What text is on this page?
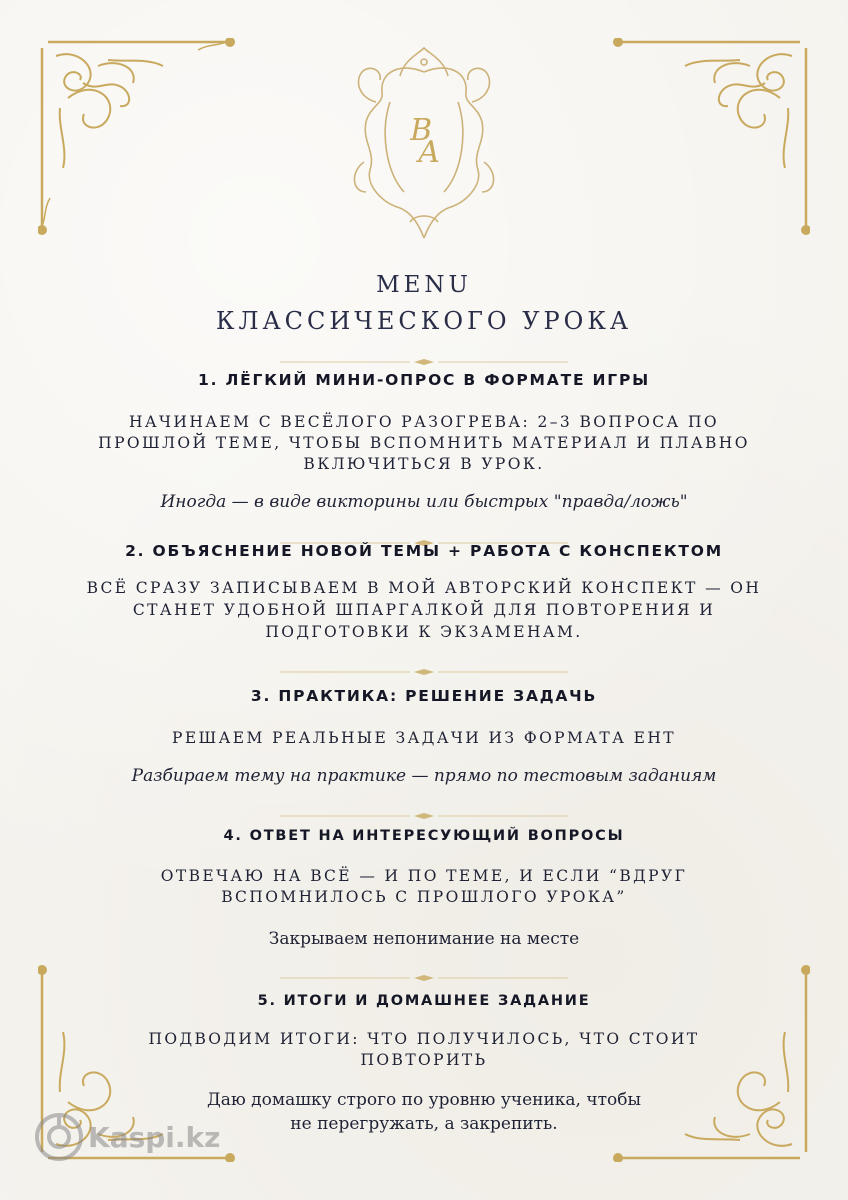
B
A
MENU
КЛАССИЧЕСКОГО УРОКА
1. ЛЁГКИЙ МИНИ-ОПРОС В ФОРМАТЕ ИГРЫ
НАЧИНАЕМ С ВЕСЁЛОГО РАЗОГРЕВА: 2–3 ВОПРОСА ПО
ПРОШЛОЙ ТЕМЕ, ЧТОБЫ ВСПОМНИТЬ МАТЕРИАЛ И ПЛАВНО
ВКЛЮЧИТЬСЯ В УРОК.
Иногда — в виде викторины или быстрых "правда/ложь"
2. ОБЪЯСНЕНИЕ НОВОЙ ТЕМЫ + РАБОТА С КОНСПЕКТОМ
ВСЁ СРАЗУ ЗАПИСЫВАЕМ В МОЙ АВТОРСКИЙ КОНСПЕКТ — ОН
СТАНЕТ УДОБНОЙ ШПАРГАЛКОЙ ДЛЯ ПОВТОРЕНИЯ И
ПОДГОТОВКИ К ЭКЗАМЕНАМ.
3. ПРАКТИКА: РЕШЕНИЕ ЗАДАЧЬ
РЕШАЕМ РЕАЛЬНЫЕ ЗАДАЧИ ИЗ ФОРМАТА ЕНТ
Разбираем тему на практике — прямо по тестовым заданиям
4. ОТВЕТ НА ИНТЕРЕСУЮЩИЙ ВОПРОСЫ
ОТВЕЧАЮ НА ВСЁ — И ПО ТЕМЕ, И ЕСЛИ “ВДРУГ
ВСПОМНИЛОСЬ С ПРОШЛОГО УРОКА”
Закрываем непонимание на месте
5. ИТОГИ И ДОМАШНЕЕ ЗАДАНИЕ
ПОДВОДИМ ИТОГИ: ЧТО ПОЛУЧИЛОСЬ, ЧТО СТОИТ
ПОВТОРИТЬ
Даю домашку строго по уровню ученика, чтобы
не перегружать, а закрепить.
Kaspi.kz
